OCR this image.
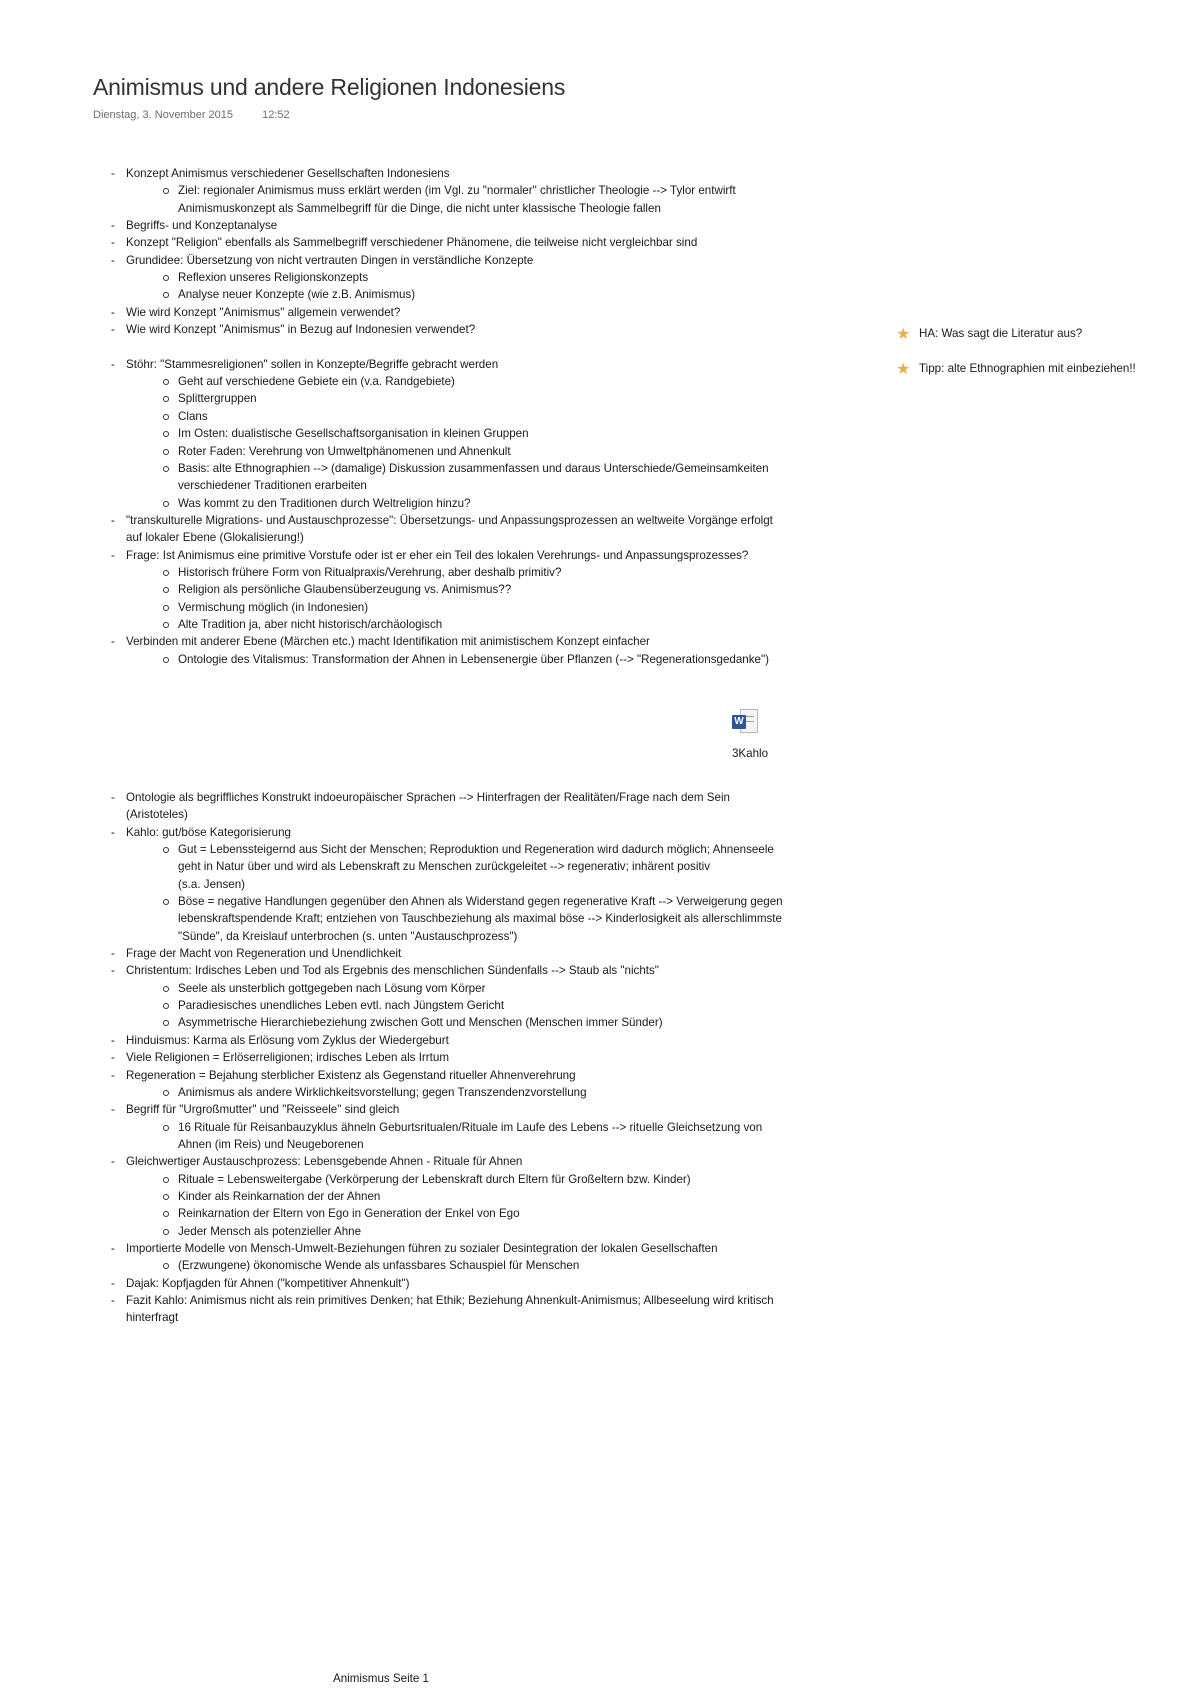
Animismus und andere Religionen Indonesiens
Dienstag, 3. November 2015	12:52
- Konzept Animismus verschiedener Gesellschaften Indonesiens
Ziel: regionaler Animismus muss erklärt werden (im Vgl. zu "normaler" christlicher Theologie --> Tylor entwirft Animismuskonzept als Sammelbegriff für die Dinge, die nicht unter klassische Theologie fallen
- Begriffs- und Konzeptanalyse
- Konzept "Religion" ebenfalls als Sammelbegriff verschiedener Phänomene, die teilweise nicht vergleichbar sind
- Grundidee: Übersetzung von nicht vertrauten Dingen in verständliche Konzepte
Reflexion unseres Religionskonzepts
Analyse neuer Konzepte (wie z.B. Animismus)
- Wie wird Konzept "Animismus" allgemein verwendet?
- Wie wird Konzept "Animismus" in Bezug auf Indonesien verwendet?
- Stöhr: "Stammesreligionen" sollen in Konzepte/Begriffe gebracht werden
Geht auf verschiedene Gebiete ein (v.a. Randgebiete)
Splittergruppen
Clans
Im Osten: dualistische Gesellschaftsorganisation in kleinen Gruppen
Roter Faden: Verehrung von Umweltphänomenen und Ahnenkult
Basis: alte Ethnographien --> (damalige) Diskussion zusammenfassen und daraus Unterschiede/Gemeinsamkeiten verschiedener Traditionen erarbeiten
Was kommt zu den Traditionen durch Weltreligion hinzu?
- "transkulturelle Migrations- und Austauschprozesse": Übersetzungs- und Anpassungsprozessen an weltweite Vorgänge erfolgt auf lokaler Ebene (Glokalisierung!)
- Frage: Ist Animismus eine primitive Vorstufe oder ist er eher ein Teil des lokalen Verehrungs- und Anpassungsprozesses?
Historisch frühere Form von Ritualpraxis/Verehrung, aber deshalb primitiv?
Religion als persönliche Glaubensüberzeugung vs. Animismus??
Vermischung möglich (in Indonesien)
Alte Tradition ja, aber nicht historisch/archäologisch
- Verbinden mit anderer Ebene (Märchen etc.) macht Identifikation mit animistischem Konzept einfacher
Ontologie des Vitalismus: Transformation der Ahnen in Lebensenergie über Pflanzen (--> "Regenerationsgedanke")
★ HA: Was sagt die Literatur aus?
★ Tipp: alte Ethnographien mit einbeziehen!!
W
3Kahlo
- Ontologie als begriffliches Konstrukt indoeuropäischer Sprachen --> Hinterfragen der Realitäten/Frage nach dem Sein (Aristoteles)
- Kahlo: gut/böse Kategorisierung
Gut = Lebenssteigernd aus Sicht der Menschen; Reproduktion und Regeneration wird dadurch möglich; Ahnenseele geht in Natur über und wird als Lebenskraft zu Menschen zurückgeleitet --> regenerativ; inhärent positiv
(s.a. Jensen)
Böse = negative Handlungen gegenüber den Ahnen als Widerstand gegen regenerative Kraft --> Verweigerung gegen lebenskraftspendende Kraft; entziehen von Tauschbeziehung als maximal böse --> Kinderlosigkeit als allerschlimmste "Sünde", da Kreislauf unterbrochen (s. unten "Austauschprozess")
- Frage der Macht von Regeneration und Unendlichkeit
- Christentum: Irdisches Leben und Tod als Ergebnis des menschlichen Sündenfalls --> Staub als "nichts"
Seele als unsterblich gottgegeben nach Lösung vom Körper
Paradiesisches unendliches Leben evtl. nach Jüngstem Gericht
Asymmetrische Hierarchiebeziehung zwischen Gott und Menschen (Menschen immer Sünder)
- Hinduismus: Karma als Erlösung vom Zyklus der Wiedergeburt
- Viele Religionen = Erlöserreligionen; irdisches Leben als Irrtum
- Regeneration = Bejahung sterblicher Existenz als Gegenstand ritueller Ahnenverehrung
Animismus als andere Wirklichkeitsvorstellung; gegen Transzendenzvorstellung
- Begriff für "Urgroßmutter" und "Reisseele" sind gleich
16 Rituale für Reisanbauzyklus ähneln Geburtsritualen/Rituale im Laufe des Lebens --> rituelle Gleichsetzung von Ahnen (im Reis) und Neugeborenen
- Gleichwertiger Austauschprozess: Lebensgebende Ahnen - Rituale für Ahnen
Rituale = Lebensweitergabe (Verkörperung der Lebenskraft durch Eltern für Großeltern bzw. Kinder)
Kinder als Reinkarnation der der Ahnen
Reinkarnation der Eltern von Ego in Generation der Enkel von Ego
Jeder Mensch als potenzieller Ahne
- Importierte Modelle von Mensch-Umwelt-Beziehungen führen zu sozialer Desintegration der lokalen Gesellschaften
(Erzwungene) ökonomische Wende als unfassbares Schauspiel für Menschen
- Dajak: Kopfjagden für Ahnen ("kompetitiver Ahnenkult")
- Fazit Kahlo: Animismus nicht als rein primitives Denken; hat Ethik; Beziehung Ahnenkult-Animismus; Allbeseelung wird kritisch hinterfragt
Animismus Seite 1
